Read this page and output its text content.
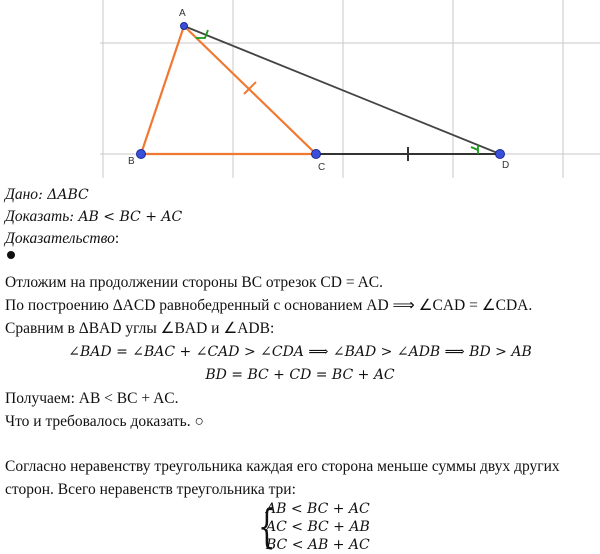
A
B
C	D
Дано: ΔABC
Доказать: AB < BC + AC
Доказательство:
Отложим на продолжении стороны BC отрезок CD = AC.
По построению ΔACD равнобедренный с основанием AD ⟹ ∠CAD = ∠CDA.
Сравним в ΔBAD углы ∠BAD и ∠ADB:
∠BAD = ∠BAC + ∠CAD > ∠CDA ⟹ ∠BAD > ∠ADB ⟹ BD > AB
BD = BC + CD = BC + AC
Получаем: AB < BC + AC.
Что и требовалось доказать. ○
Согласно неравенству треугольника каждая его сторона меньше суммы двух других
сторон. Всего неравенств треугольника три:
{
AB < BC + AC
AC < BC + AB
BC < AB + AC
